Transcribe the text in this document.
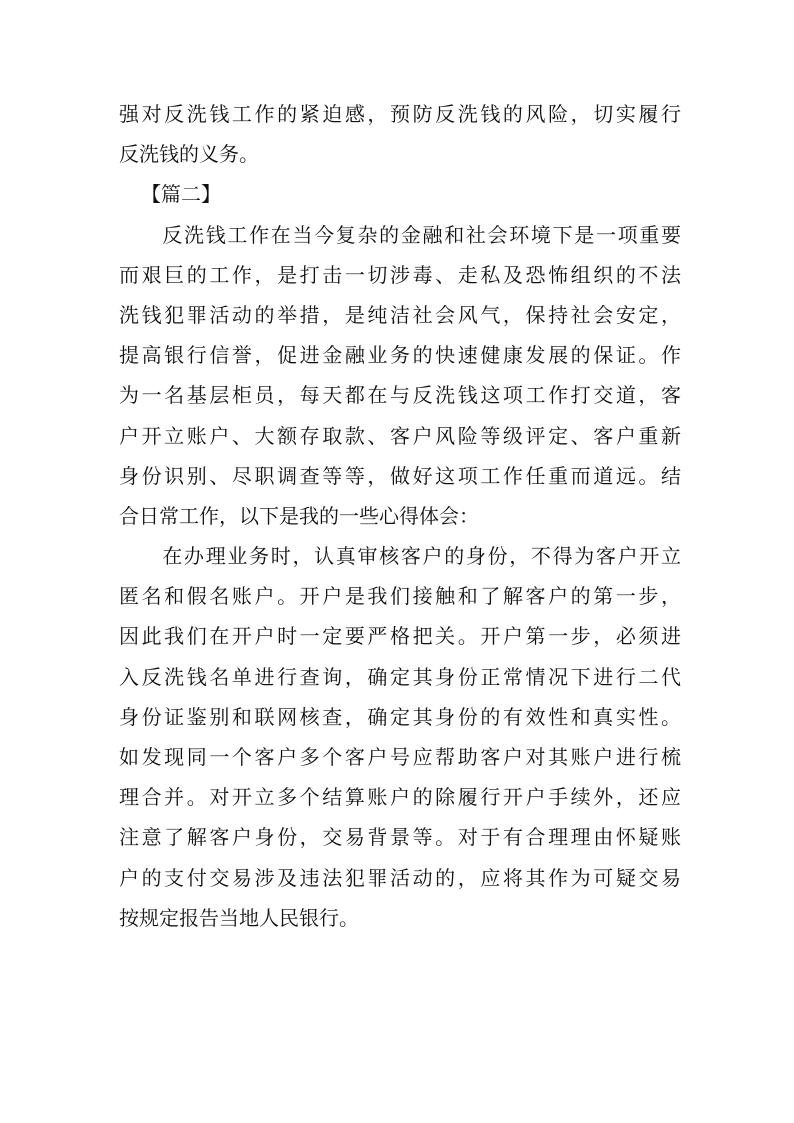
强对反洗钱工作的紧迫感，预防反洗钱的风险，切实履行
反洗钱的义务。
【篇二】
　　反洗钱工作在当今复杂的金融和社会环境下是一项重要
而艰巨的工作，是打击一切涉毒、走私及恐怖组织的不法
洗钱犯罪活动的举措，是纯洁社会风气，保持社会安定，
提高银行信誉，促进金融业务的快速健康发展的保证。作
为一名基层柜员，每天都在与反洗钱这项工作打交道，客
户开立账户、大额存取款、客户风险等级评定、客户重新
身份识别、尽职调查等等，做好这项工作任重而道远。结
合日常工作，以下是我的一些心得体会：
　　在办理业务时，认真审核客户的身份，不得为客户开立
匿名和假名账户。开户是我们接触和了解客户的第一步，
因此我们在开户时一定要严格把关。开户第一步，必须进
入反洗钱名单进行查询，确定其身份正常情况下进行二代
身份证鉴别和联网核查，确定其身份的有效性和真实性。
如发现同一个客户多个客户号应帮助客户对其账户进行梳
理合并。对开立多个结算账户的除履行开户手续外，还应
注意了解客户身份，交易背景等。对于有合理理由怀疑账
户的支付交易涉及违法犯罪活动的，应将其作为可疑交易
按规定报告当地人民银行。
